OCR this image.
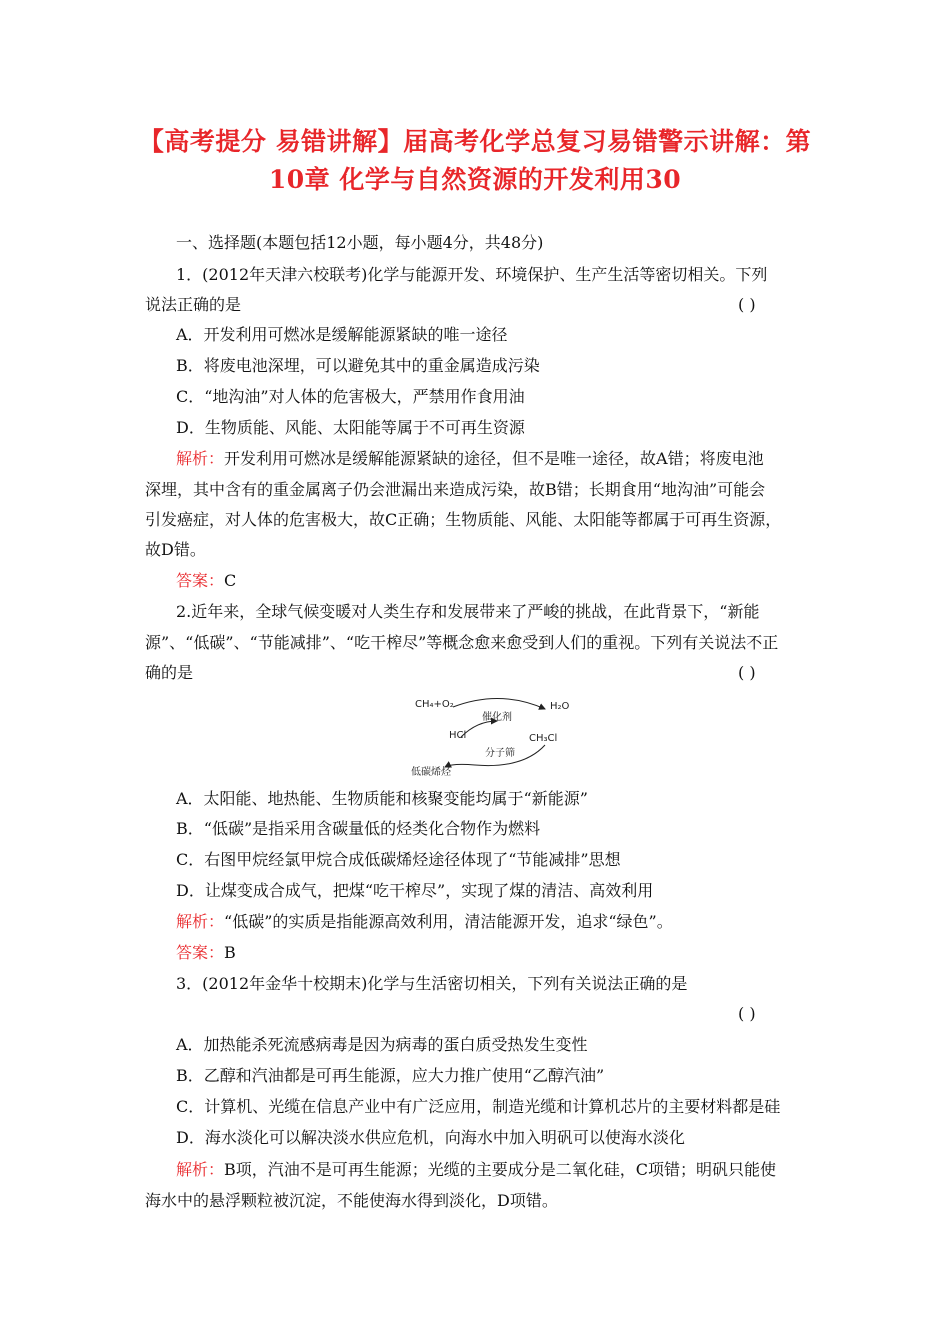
【高考提分 易错讲解】届高考化学总复习易错警示讲解：第
10章 化学与自然资源的开发利用30
一、选择题(本题包括12小题，每小题4分，共48分)
1．(2012年天津六校联考)化学与能源开发、环境保护、生产生活等密切相关。下列
说法正确的是	( )
A．开发利用可燃冰是缓解能源紧缺的唯一途径
B．将废电池深埋，可以避免其中的重金属造成污染
C．“地沟油”对人体的危害极大，严禁用作食用油
D．生物质能、风能、太阳能等属于不可再生资源
解析：开发利用可燃冰是缓解能源紧缺的途径，但不是唯一途径，故A错；将废电池
深埋，其中含有的重金属离子仍会泄漏出来造成污染，故B错；长期食用“地沟油”可能会
引发癌症，对人体的危害极大，故C正确；生物质能、风能、太阳能等都属于可再生资源，
故D错。
答案：C
2.近年来，全球气候变暖对人类生存和发展带来了严峻的挑战，在此背景下，“新能
源”、“低碳”、“节能减排”、“吃干榨尽”等概念愈来愈受到人们的重视。下列有关说法不正
确的是	( )
CH₄+O₂	H₂O
催化剂
HCl	CH₃Cl
分子筛
低碳烯烃
A．太阳能、地热能、生物质能和核聚变能均属于“新能源”
B．“低碳”是指采用含碳量低的烃类化合物作为燃料
C．右图甲烷经氯甲烷合成低碳烯烃途径体现了“节能减排”思想
D．让煤变成合成气，把煤“吃干榨尽”，实现了煤的清洁、高效利用
解析：“低碳”的实质是指能源高效利用，清洁能源开发，追求“绿色”。
答案：B
3．(2012年金华十校期末)化学与生活密切相关，下列有关说法正确的是
( )
A．加热能杀死流感病毒是因为病毒的蛋白质受热发生变性
B．乙醇和汽油都是可再生能源，应大力推广使用“乙醇汽油”
C．计算机、光缆在信息产业中有广泛应用，制造光缆和计算机芯片的主要材料都是硅
D．海水淡化可以解决淡水供应危机，向海水中加入明矾可以使海水淡化
解析：B项，汽油不是可再生能源；光缆的主要成分是二氧化硅，C项错；明矾只能使
海水中的悬浮颗粒被沉淀，不能使海水得到淡化，D项错。
